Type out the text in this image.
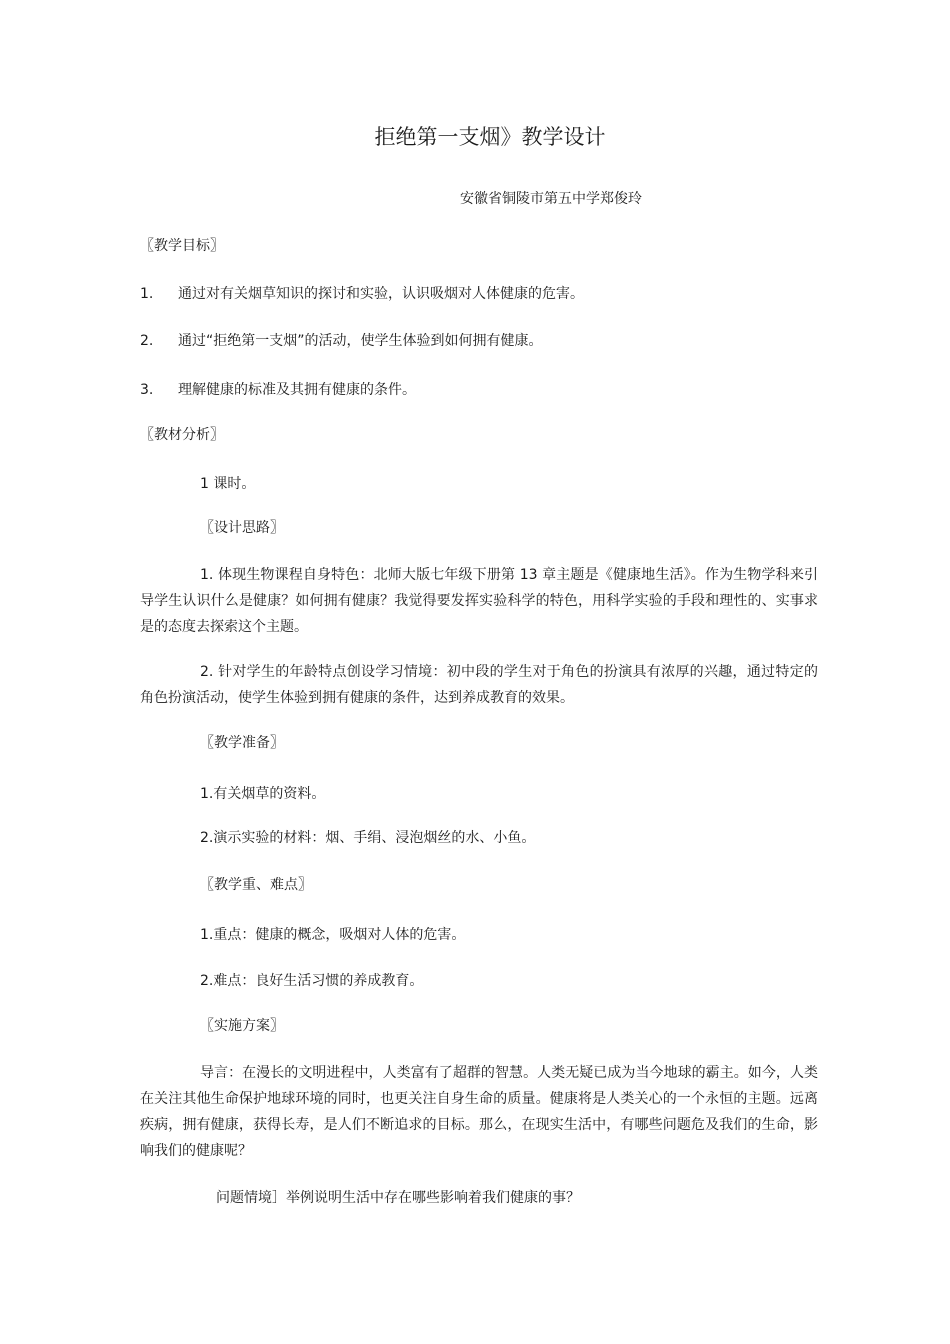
拒绝第一支烟》教学设计

安徽省铜陵市第五中学郑俊玲

〖教学目标〗

1. 通过对有关烟草知识的探讨和实验，认识吸烟对人体健康的危害。

2. 通过“拒绝第一支烟”的活动，使学生体验到如何拥有健康。

3. 理解健康的标准及其拥有健康的条件。

〖教材分析〗

1 课时。

〖设计思路〗

1. 体现生物课程自身特色：北师大版七年级下册第 13 章主题是《健康地生活》。作为生物学科来引导学生认识什么是健康？如何拥有健康？我觉得要发挥实验科学的特色，用科学实验的手段和理性的、实事求是的态度去探索这个主题。

2. 针对学生的年龄特点创设学习情境：初中段的学生对于角色的扮演具有浓厚的兴趣，通过特定的角色扮演活动，使学生体验到拥有健康的条件，达到养成教育的效果。

〖教学准备〗

1.有关烟草的资料。

2.演示实验的材料：烟、手绢、浸泡烟丝的水、小鱼。

〖教学重、难点〗

1.重点：健康的概念，吸烟对人体的危害。

2.难点：良好生活习惯的养成教育。

〖实施方案〗

导言：在漫长的文明进程中，人类富有了超群的智慧。人类无疑已成为当今地球的霸主。如今，人类在关注其他生命保护地球环境的同时，也更关注自身生命的质量。健康将是人类关心的一个永恒的主题。远离疾病，拥有健康，获得长寿，是人们不断追求的目标。那么，在现实生活中，有哪些问题危及我们的生命，影响我们的健康呢？

问题情境］举例说明生活中存在哪些影响着我们健康的事？
